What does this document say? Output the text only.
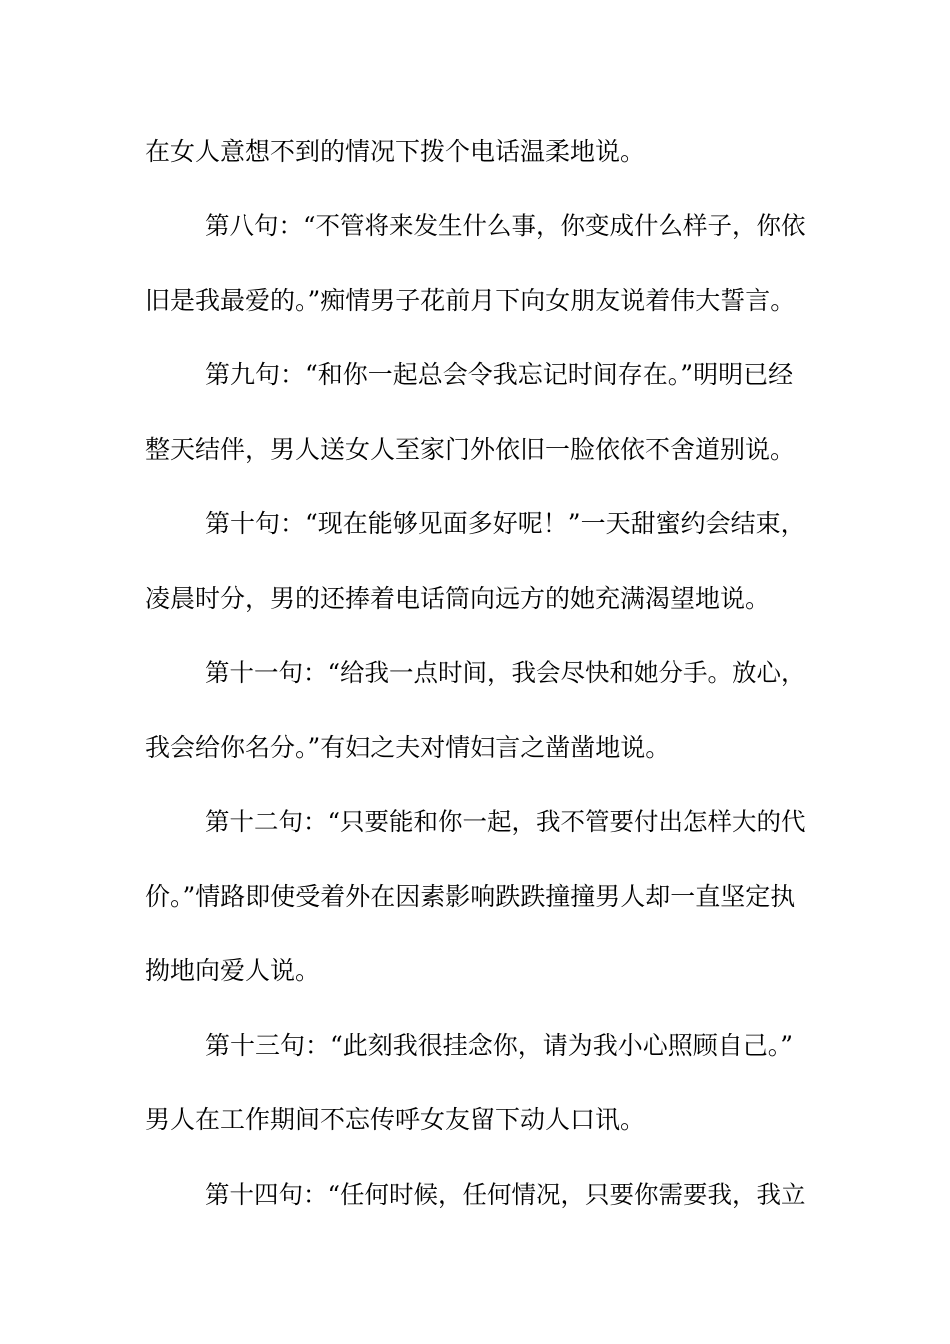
在女人意想不到的情况下拨个电话温柔地说。
第八句：“不管将来发生什么事，你变成什么样子，你依
旧是我最爱的。”痴情男子花前月下向女朋友说着伟大誓言。
第九句：“和你一起总会令我忘记时间存在。”明明已经
整天结伴，男人送女人至家门外依旧一脸依依不舍道别说。
第十句：“现在能够见面多好呢！”一天甜蜜约会结束，
凌晨时分，男的还捧着电话筒向远方的她充满渴望地说。
第十一句：“给我一点时间，我会尽快和她分手。放心，
我会给你名分。”有妇之夫对情妇言之凿凿地说。
第十二句：“只要能和你一起，我不管要付出怎样大的代
价。”情路即使受着外在因素影响跌跌撞撞男人却一直坚定执
拗地向爱人说。
第十三句：“此刻我很挂念你，请为我小心照顾自己。”
男人在工作期间不忘传呼女友留下动人口讯。
第十四句：“任何时候，任何情况，只要你需要我，我立
